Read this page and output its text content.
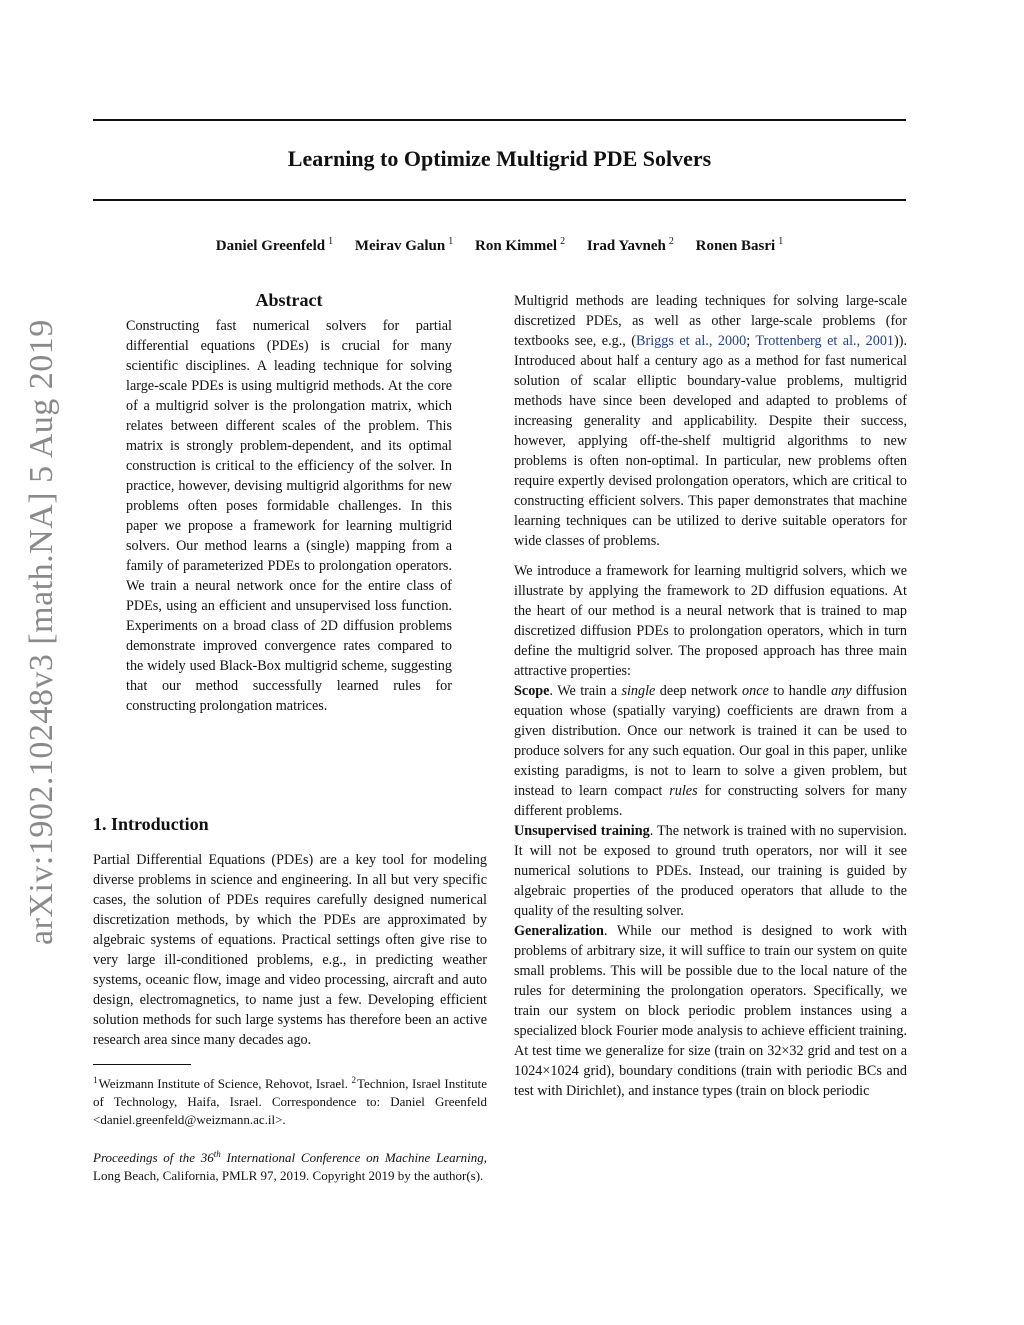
Learning to Optimize Multigrid PDE Solvers
Daniel Greenfeld $^1$ Meirav Galun $^1$ Ron Kimmel $^2$ Irad Yavneh $^2$ Ronen Basri $^1$
arXiv:1902.10248v3 [math.NA] 5 Aug 2019
Abstract

Constructing fast numerical solvers for partial differential equations (PDEs) is crucial for many scientific disciplines. A leading technique for solving large-scale PDEs is using multigrid methods. At the core of a multigrid solver is the prolongation matrix, which relates between different scales of the problem. This matrix is strongly problem-dependent, and its optimal construction is critical to the efficiency of the solver. In practice, however, devising multigrid algorithms for new problems often poses formidable challenges. In this paper we propose a framework for learning multigrid solvers. Our method learns a (single) mapping from a family of parameterized PDEs to prolongation operators. We train a neural network once for the entire class of PDEs, using an efficient and unsupervised loss function. Experiments on a broad class of 2D diffusion problems demonstrate improved convergence rates compared to the widely used Black-Box multigrid scheme, suggesting that our method successfully learned rules for constructing prolongation matrices.

1. Introduction

Partial Differential Equations (PDEs) are a key tool for modeling diverse problems in science and engineering. In all but very specific cases, the solution of PDEs requires carefully designed numerical discretization methods, by which the PDEs are approximated by algebraic systems of equations. Practical settings often give rise to very large ill-conditioned problems, e.g., in predicting weather systems, oceanic flow, image and video processing, aircraft and auto design, electromagnetics, to name just a few. Developing efficient solution methods for such large systems has therefore been an active research area since many decades ago.

$^1$Weizmann Institute of Science, Rehovot, Israel. $^2$Technion, Israel Institute of Technology, Haifa, Israel. Correspondence to: Daniel Greenfeld <daniel.greenfeld@weizmann.ac.il>.

Proceedings of the 36th International Conference on Machine Learning, Long Beach, California, PMLR 97, 2019. Copyright 2019 by the author(s).

Multigrid methods are leading techniques for solving large-scale discretized PDEs, as well as other large-scale problems (for textbooks see, e.g., (Briggs et al., 2000; Trottenberg et al., 2001)). Introduced about half a century ago as a method for fast numerical solution of scalar elliptic boundary-value problems, multigrid methods have since been developed and adapted to problems of increasing generality and applicability. Despite their success, however, applying off-the-shelf multigrid algorithms to new problems is often non-optimal. In particular, new problems often require expertly devised prolongation operators, which are critical to constructing efficient solvers. This paper demonstrates that machine learning techniques can be utilized to derive suitable operators for wide classes of problems.

We introduce a framework for learning multigrid solvers, which we illustrate by applying the framework to 2D diffusion equations. At the heart of our method is a neural network that is trained to map discretized diffusion PDEs to prolongation operators, which in turn define the multigrid solver. The proposed approach has three main attractive properties:

Scope. We train a single deep network once to handle any diffusion equation whose (spatially varying) coefficients are drawn from a given distribution. Once our network is trained it can be used to produce solvers for any such equation. Our goal in this paper, unlike existing paradigms, is not to learn to solve a given problem, but instead to learn compact rules for constructing solvers for many different problems.

Unsupervised training. The network is trained with no supervision. It will not be exposed to ground truth operators, nor will it see numerical solutions to PDEs. Instead, our training is guided by algebraic properties of the produced operators that allude to the quality of the resulting solver.

Generalization. While our method is designed to work with problems of arbitrary size, it will suffice to train our system on quite small problems. This will be possible due to the local nature of the rules for determining the prolongation operators. Specifically, we train our system on block periodic problem instances using a specialized block Fourier mode analysis to achieve efficient training. At test time we generalize for size (train on 32×32 grid and test on a 1024×1024 grid), boundary conditions (train with periodic BCs and test with Dirichlet), and instance types (train on block periodic
